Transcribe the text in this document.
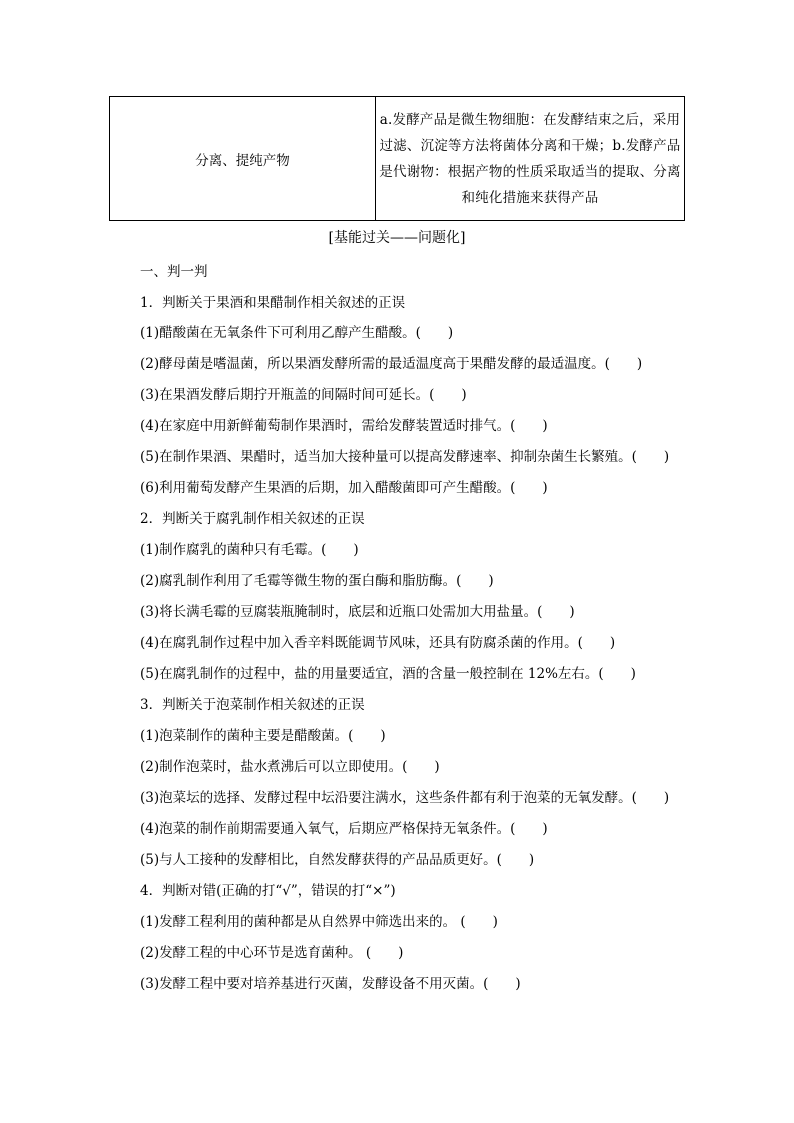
分离、提纯产物	a.发酵产品是微生物细胞：在发酵结束之后，采用过滤、沉淀等方法将菌体分离和干燥；b.发酵产品是代谢物：根据产物的性质采取适当的提取、分离和纯化措施来获得产品
[基能过关——问题化]
一、判一判
1．判断关于果酒和果醋制作相关叙述的正误
(1)醋酸菌在无氧条件下可利用乙醇产生醋酸。(　　)
(2)酵母菌是嗜温菌，所以果酒发酵所需的最适温度高于果醋发酵的最适温度。(　　)
(3)在果酒发酵后期拧开瓶盖的间隔时间可延长。(　　)
(4)在家庭中用新鲜葡萄制作果酒时，需给发酵装置适时排气。(　　)
(5)在制作果酒、果醋时，适当加大接种量可以提高发酵速率、抑制杂菌生长繁殖。(　　)
(6)利用葡萄发酵产生果酒的后期，加入醋酸菌即可产生醋酸。(　　)
2．判断关于腐乳制作相关叙述的正误
(1)制作腐乳的菌种只有毛霉。(　　)
(2)腐乳制作利用了毛霉等微生物的蛋白酶和脂肪酶。(　　)
(3)将长满毛霉的豆腐装瓶腌制时，底层和近瓶口处需加大用盐量。(　　)
(4)在腐乳制作过程中加入香辛料既能调节风味，还具有防腐杀菌的作用。(　　)
(5)在腐乳制作的过程中，盐的用量要适宜，酒的含量一般控制在 12%左右。(　　)
3．判断关于泡菜制作相关叙述的正误
(1)泡菜制作的菌种主要是醋酸菌。(　　)
(2)制作泡菜时，盐水煮沸后可以立即使用。(　　)
(3)泡菜坛的选择、发酵过程中坛沿要注满水，这些条件都有利于泡菜的无氧发酵。(　　)
(4)泡菜的制作前期需要通入氧气，后期应严格保持无氧条件。(　　)
(5)与人工接种的发酵相比，自然发酵获得的产品品质更好。(　　)
4．判断对错(正确的打“√”，错误的打“×”)
(1)发酵工程利用的菌种都是从自然界中筛选出来的。 (　　)
(2)发酵工程的中心环节是选育菌种。 (　　)
(3)发酵工程中要对培养基进行灭菌，发酵设备不用灭菌。(　　)
